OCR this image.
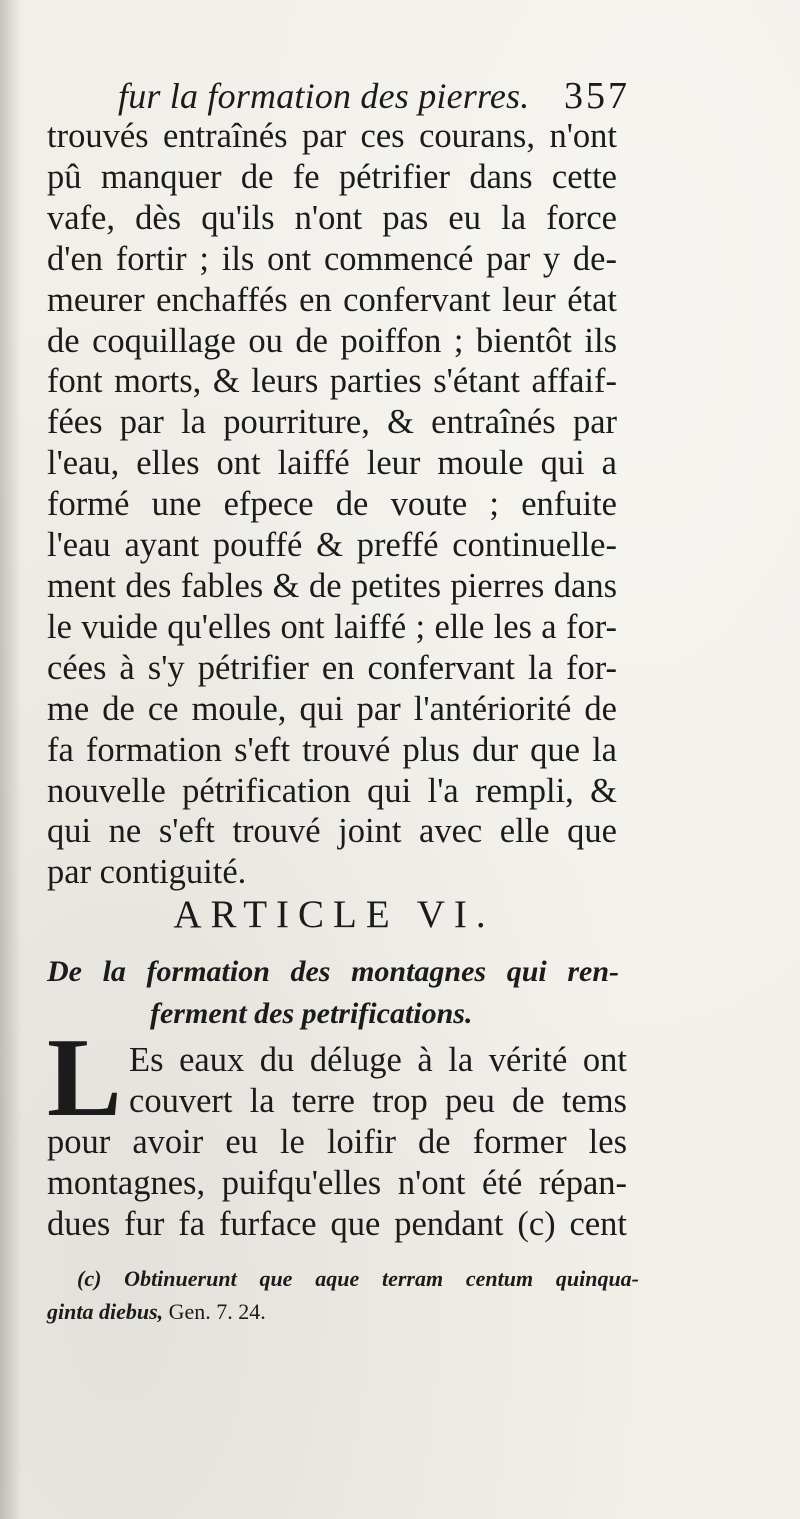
fur la formation des pierres. 357
trouvés entraînés par ces courans, n'ont
pû manquer de fe pétrifier dans cette
vafe, dès qu'ils n'ont pas eu la force
d'en fortir ; ils ont commencé par y de-
meurer enchaffés en confervant leur état
de coquillage ou de poiffon ; bientôt ils
font morts, & leurs parties s'étant affaif-
fées par la pourriture, & entraînés par
l'eau, elles ont laiffé leur moule qui a
formé une efpece de voute ; enfuite
l'eau ayant pouffé & preffé continuelle-
ment des fables & de petites pierres dans
le vuide qu'elles ont laiffé ; elle les a for-
cées à s'y pétrifier en confervant la for-
me de ce moule, qui par l'antériorité de
fa formation s'eft trouvé plus dur que la
nouvelle pétrification qui l'a rempli, &
qui ne s'eft trouvé joint avec elle que
par contiguité.
ARTICLE VI.
De la formation des montagnes qui ren-
ferment des petrifications.
L Es eaux du déluge à la vérité ont
couvert la terre trop peu de tems
pour avoir eu le loifir de former les
montagnes, puifqu'elles n'ont été répan-
dues fur fa furface que pendant (c) cent
(c) Obtinuerunt que aque terram centum quinqua-
ginta diebus, Gen. 7. 24.
